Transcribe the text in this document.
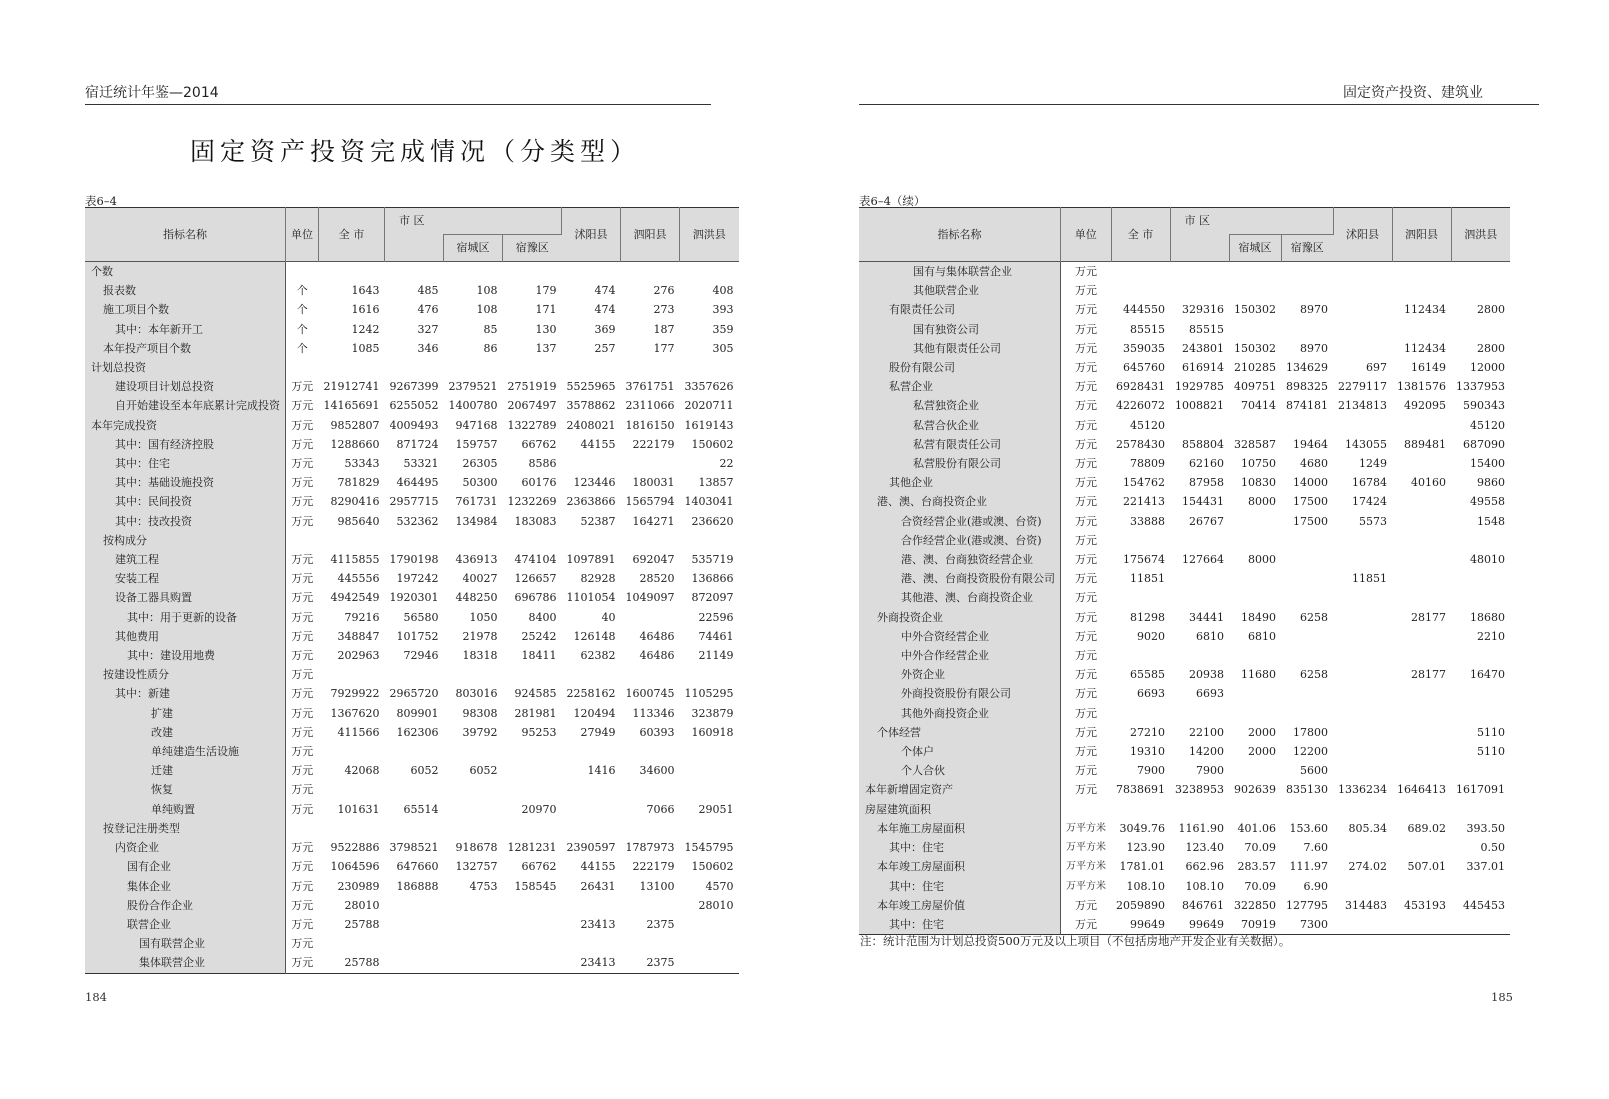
宿迁统计年鉴—2014
固定资产投资完成情况（分类型）
表6–4
指标名称	单位	全 市	市 区			沭阳县	泗阳县	泗洪县
				宿城区	宿豫区			
个数								
报表数	个	1643	485	108	179	474	276	408
施工项目个数	个	1616	476	108	171	474	273	393
其中：本年新开工	个	1242	327	85	130	369	187	359
本年投产项目个数	个	1085	346	86	137	257	177	305
计划总投资								
建设项目计划总投资	万元	21912741	9267399	2379521	2751919	5525965	3761751	3357626
自开始建设至本年底累计完成投资	万元	14165691	6255052	1400780	2067497	3578862	2311066	2020711
本年完成投资	万元	9852807	4009493	947168	1322789	2408021	1816150	1619143
其中：国有经济控股	万元	1288660	871724	159757	66762	44155	222179	150602
其中：住宅	万元	53343	53321	26305	8586			22
其中：基础设施投资	万元	781829	464495	50300	60176	123446	180031	13857
其中：民间投资	万元	8290416	2957715	761731	1232269	2363866	1565794	1403041
其中：技改投资	万元	985640	532362	134984	183083	52387	164271	236620
按构成分								
建筑工程	万元	4115855	1790198	436913	474104	1097891	692047	535719
安装工程	万元	445556	197242	40027	126657	82928	28520	136866
设备工器具购置	万元	4942549	1920301	448250	696786	1101054	1049097	872097
其中：用于更新的设备	万元	79216	56580	1050	8400	40		22596
其他费用	万元	348847	101752	21978	25242	126148	46486	74461
其中：建设用地费	万元	202963	72946	18318	18411	62382	46486	21149
按建设性质分	万元							
其中：新建	万元	7929922	2965720	803016	924585	2258162	1600745	1105295
扩建	万元	1367620	809901	98308	281981	120494	113346	323879
改建	万元	411566	162306	39792	95253	27949	60393	160918
单纯建造生活设施	万元							
迁建	万元	42068	6052	6052		1416	34600	
恢复	万元							
单纯购置	万元	101631	65514		20970		7066	29051
按登记注册类型								
内资企业	万元	9522886	3798521	918678	1281231	2390597	1787973	1545795
国有企业	万元	1064596	647660	132757	66762	44155	222179	150602
集体企业	万元	230989	186888	4753	158545	26431	13100	4570
股份合作企业	万元	28010						28010
联营企业	万元	25788				23413	2375	
国有联营企业	万元							
集体联营企业	万元	25788				23413	2375	
184
固定资产投资、建筑业
表6–4（续）
指标名称	单位	全 市	市 区			沭阳县	泗阳县	泗洪县
				宿城区	宿豫区			
国有与集体联营企业	万元							
其他联营企业	万元							
有限责任公司	万元	444550	329316	150302	8970		112434	2800
国有独资公司	万元	85515	85515					
其他有限责任公司	万元	359035	243801	150302	8970		112434	2800
股份有限公司	万元	645760	616914	210285	134629	697	16149	12000
私营企业	万元	6928431	1929785	409751	898325	2279117	1381576	1337953
私营独资企业	万元	4226072	1008821	70414	874181	2134813	492095	590343
私营合伙企业	万元	45120						45120
私营有限责任公司	万元	2578430	858804	328587	19464	143055	889481	687090
私营股份有限公司	万元	78809	62160	10750	4680	1249		15400
其他企业	万元	154762	87958	10830	14000	16784	40160	9860
港、澳、台商投资企业	万元	221413	154431	8000	17500	17424		49558
合资经营企业(港或澳、台资)	万元	33888	26767		17500	5573		1548
合作经营企业(港或澳、台资)	万元							
港、澳、台商独资经营企业	万元	175674	127664	8000				48010
港、澳、台商投资股份有限公司	万元	11851				11851		
其他港、澳、台商投资企业	万元							
外商投资企业	万元	81298	34441	18490	6258		28177	18680
中外合资经营企业	万元	9020	6810	6810				2210
中外合作经营企业	万元							
外资企业	万元	65585	20938	11680	6258		28177	16470
外商投资股份有限公司	万元	6693	6693					
其他外商投资企业	万元							
个体经营	万元	27210	22100	2000	17800			5110
个体户	万元	19310	14200	2000	12200			5110
个人合伙	万元	7900	7900		5600			
本年新增固定资产	万元	7838691	3238953	902639	835130	1336234	1646413	1617091
房屋建筑面积								
本年施工房屋面积	万平方米	3049.76	1161.90	401.06	153.60	805.34	689.02	393.50
其中：住宅	万平方米	123.90	123.40	70.09	7.60			0.50
本年竣工房屋面积	万平方米	1781.01	662.96	283.57	111.97	274.02	507.01	337.01
其中：住宅	万平方米	108.10	108.10	70.09	6.90			
本年竣工房屋价值	万元	2059890	846761	322850	127795	314483	453193	445453
其中：住宅	万元	99649	99649	70919	7300			
注：统计范围为计划总投资500万元及以上项目（不包括房地产开发企业有关数据）。
185
